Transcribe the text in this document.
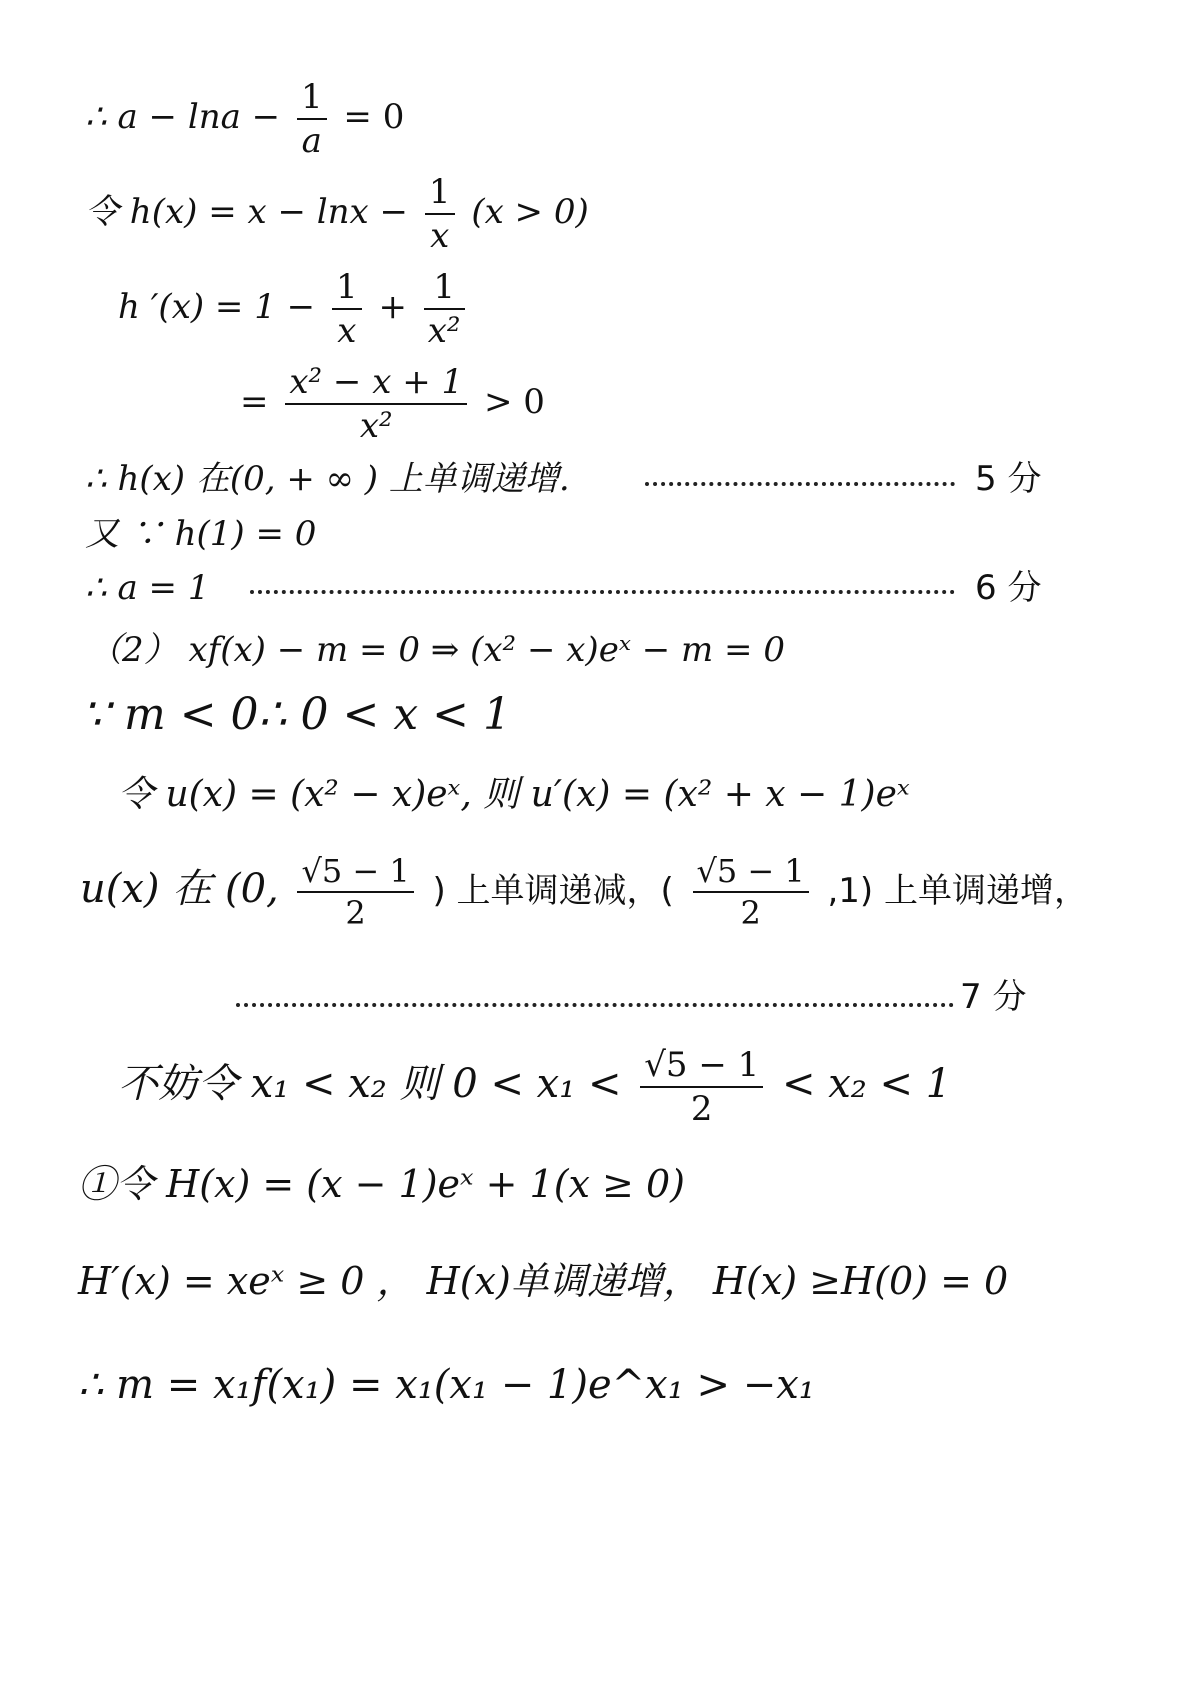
∴ $a - \ln a - \frac{1}{a} = 0$
令 $h(x) = x - \ln x - \frac{1}{x} (x > 0)$
h $'(x) = 1 - \frac{1}{x} + \frac{1}{\text{x²}}$
= $\frac{\text{x² − x + 1}}{\text{x²}} > 0$
∴ h(x) 在(0, + ∞ ) 上单调递增.	5 分
又 ∵ h(1) = 0
∴ a = 1	6 分
（2） xf(x) − m = 0 ⇒ (x² − x)eˣ − m = 0
∵ m < 0∴ 0 < x < 1
令 u(x) = (x² − x)eˣ, 则 u′(x) = (x² + x − 1)eˣ
u(x) 在 (0, $\frac{√5 - 1}{2}$ ) 上单调递减，( $\frac{√5 - 1}{2} ,1$) 上单调递增，
7 分
不妨令 x₁ < x₂ 则 $0 < x_1 < \frac{√5 - 1}{2} < x_2 < 1$
①令 H(x) = (x − 1)eˣ + 1(x ≥ 0)
H′(x) = xeˣ ≥ 0 ， H(x)单调递增， H(x) ≥H(0) = 0
∴ m = x₁f(x₁) = x₁(x₁ − 1)e^x₁ > −x₁
